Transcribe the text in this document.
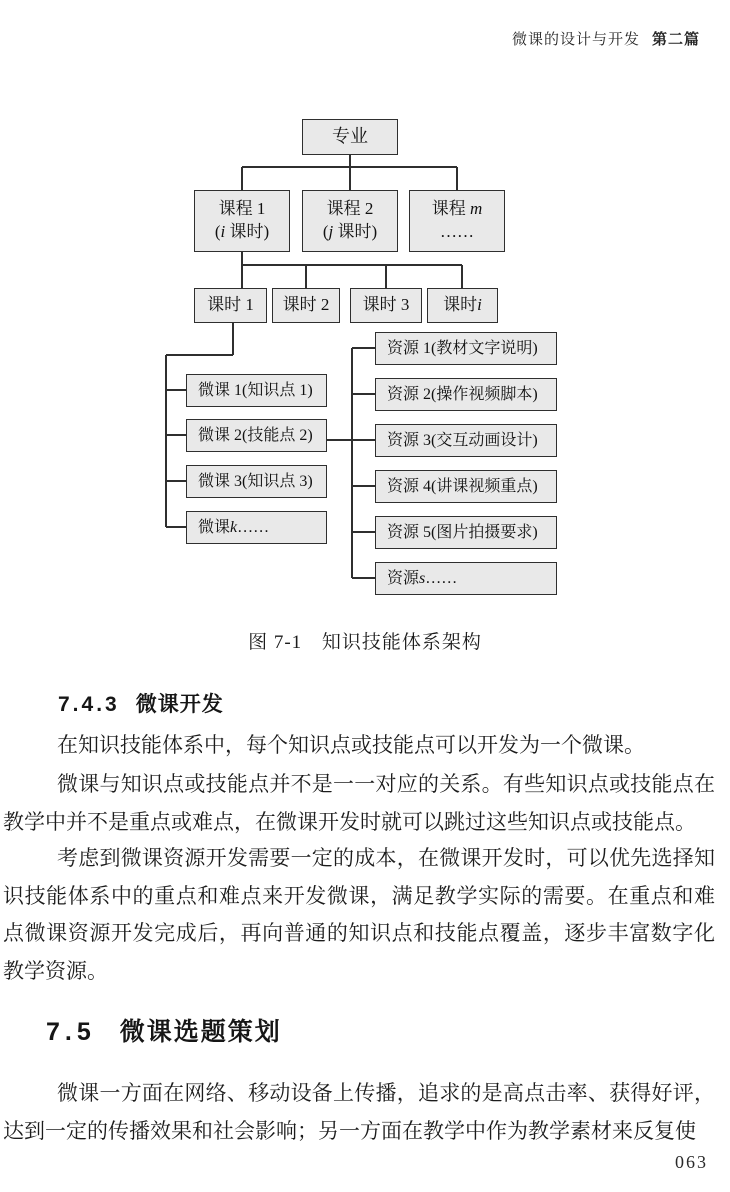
微课的设计与开发 第二篇
专业
课程 1
(i 课时)
课程 2
(j 课时)
课程 m
……
课时 1 课时 2 课时 3 课时 i
微课 1(知识点 1)
微课 2(技能点 2)
微课 3(知识点 3)
微课 k ……
资源 1(教材文字说明)
资源 2(操作视频脚本)
资源 3(交互动画设计)
资源 4(讲课视频重点)
资源 5(图片拍摄要求)
资源 s ……
图 7-1 知识技能体系架构
7.4.3 微课开发

在知识技能体系中，每个知识点或技能点可以开发为一个微课。

微课与知识点或技能点并不是一一对应的关系。有些知识点或技能点在教学中并不是重点或难点，在微课开发时就可以跳过这些知识点或技能点。

考虑到微课资源开发需要一定的成本，在微课开发时，可以优先选择知识技能体系中的重点和难点来开发微课，满足教学实际的需要。在重点和难点微课资源开发完成后，再向普通的知识点和技能点覆盖，逐步丰富数字化教学资源。

7.5 微课选题策划

微课一方面在网络、移动设备上传播，追求的是高点击率、获得好评，达到一定的传播效果和社会影响；另一方面在教学中作为教学素材来反复使

063
